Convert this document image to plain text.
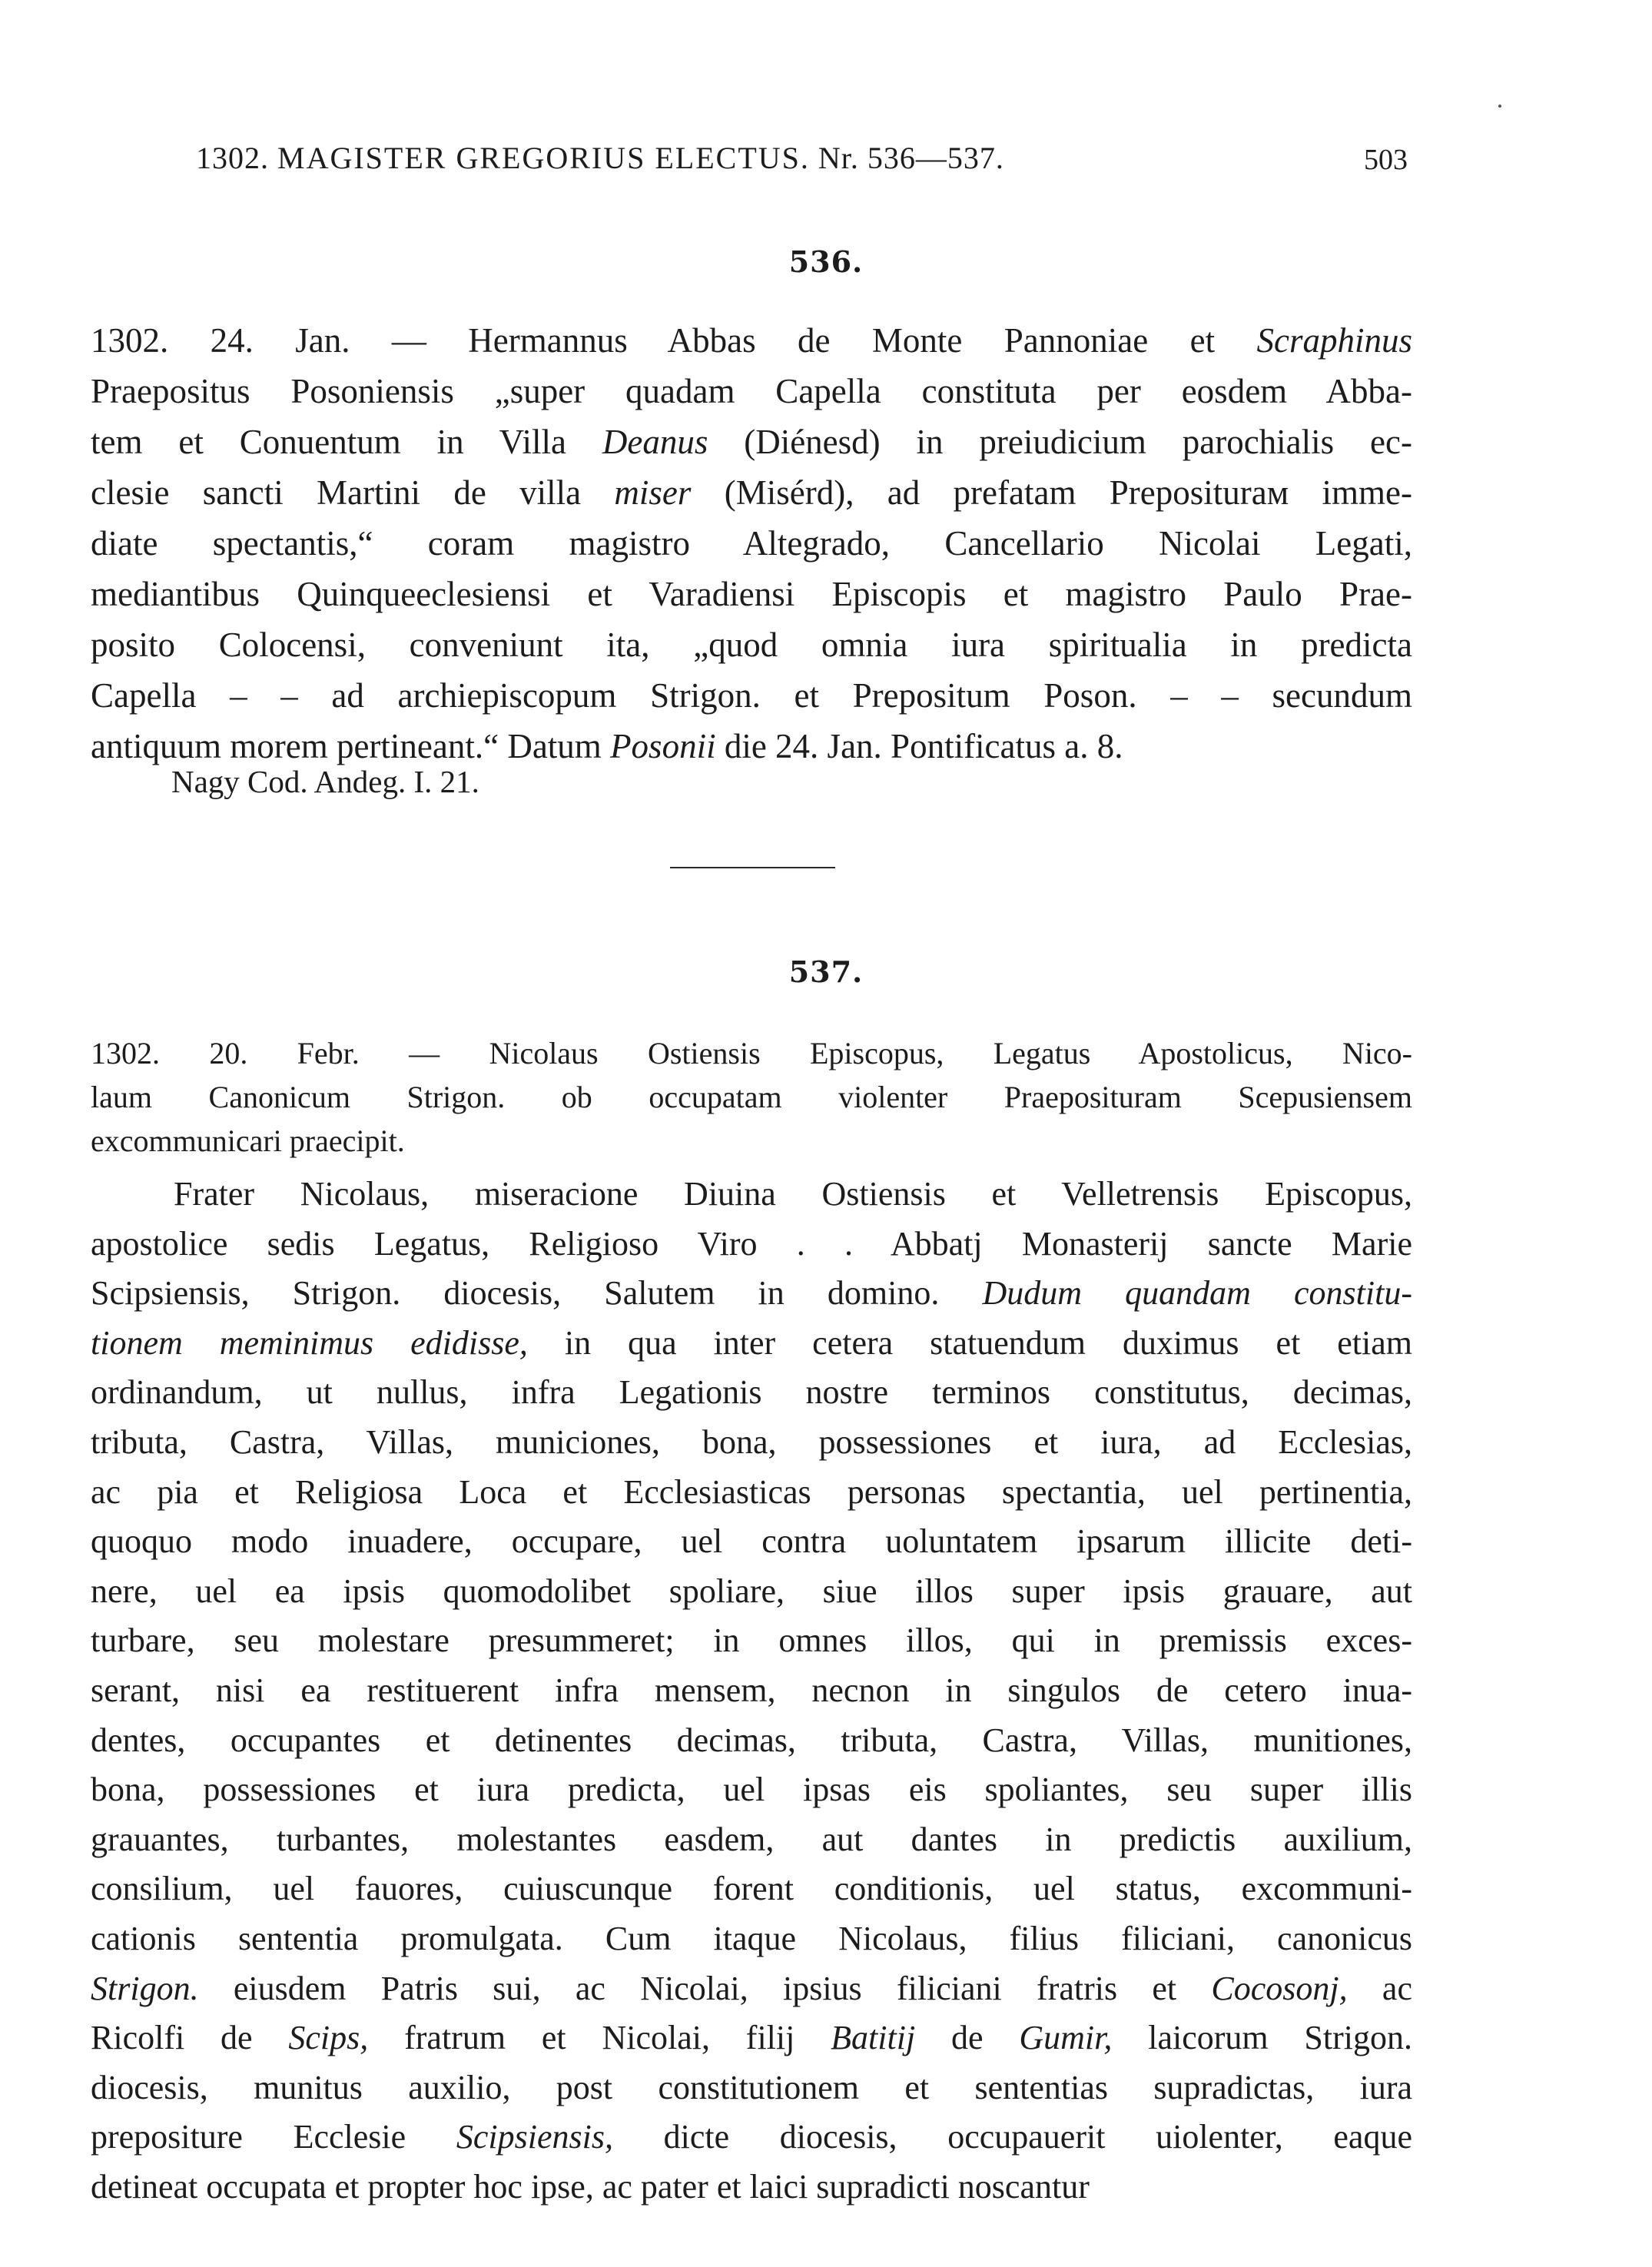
1302. MAGISTER GREGORIUS ELECTUS. Nr. 536—537.	503
536.
1302. 24. Jan. — Hermannus Abbas de Monte Pannoniae et Scraphinus
Praepositus Posoniensis „super quadam Capella constituta per eosdem Abba-
tem et Conuentum in Villa Deanus (Diénesd) in preiudicium parochialis ec-
clesie sancti Martini de villa miser (Misérd), ad prefatam Prepositurам imme-
diate spectantis,“ coram magistro Altegrado, Cancellario Nicolai Legati,
mediantibus Quinqueeclesiensi et Varadiensi Episcopis et magistro Paulo Prae-
posito Colocensi, conveniunt ita, „quod omnia iura spiritualia in predicta
Capella – – ad archiepiscopum Strigon. et Prepositum Poson. – – secundum
antiquum morem pertineant.“ Datum Posonii die 24. Jan. Pontificatus a. 8.
Nagy Cod. Andeg. I. 21.
537.
1302. 20. Febr. — Nicolaus Ostiensis Episcopus, Legatus Apostolicus, Nico-
laum Canonicum Strigon. ob occupatam violenter Praeposituram Scepusiensem
excommunicari praecipit.
Frater Nicolaus, miseracione Diuina Ostiensis et Velletrensis Episcopus,
apostolice sedis Legatus, Religioso Viro . . Abbatj Monasterij sancte Marie
Scipsiensis, Strigon. diocesis, Salutem in domino. Dudum quandam constitu-
tionem meminimus edidisse, in qua inter cetera statuendum duximus et etiam
ordinandum, ut nullus, infra Legationis nostre terminos constitutus, decimas,
tributa, Castra, Villas, municiones, bona, possessiones et iura, ad Ecclesias,
ac pia et Religiosa Loca et Ecclesiasticas personas spectantia, uel pertinentia,
quoquo modo inuadere, occupare, uel contra uoluntatem ipsarum illicite deti-
nere, uel ea ipsis quomodolibet spoliare, siue illos super ipsis grauare, aut
turbare, seu molestare presummeret; in omnes illos, qui in premissis exces-
serant, nisi ea restituerent infra mensem, necnon in singulos de cetero inua-
dentes, occupantes et detinentes decimas, tributa, Castra, Villas, munitiones,
bona, possessiones et iura predicta, uel ipsas eis spoliantes, seu super illis
grauantes, turbantes, molestantes easdem, aut dantes in predictis auxilium,
consilium, uel fauores, cuiuscunque forent conditionis, uel status, excommuni-
cationis sententia promulgata. Cum itaque Nicolaus, filius filiciani, canonicus
Strigon. eiusdem Patris sui, ac Nicolai, ipsius filiciani fratris et Cocosonj, ac
Ricolfi de Scips, fratrum et Nicolai, filij Batitij de Gumir, laicorum Strigon.
diocesis, munitus auxilio, post constitutionem et sententias supradictas, iura
prepositure Ecclesie Scipsiensis, dicte diocesis, occupauerit uiolenter, eaque
detineat occupata et propter hoc ipse, ac pater et laici supradicti noscantur
